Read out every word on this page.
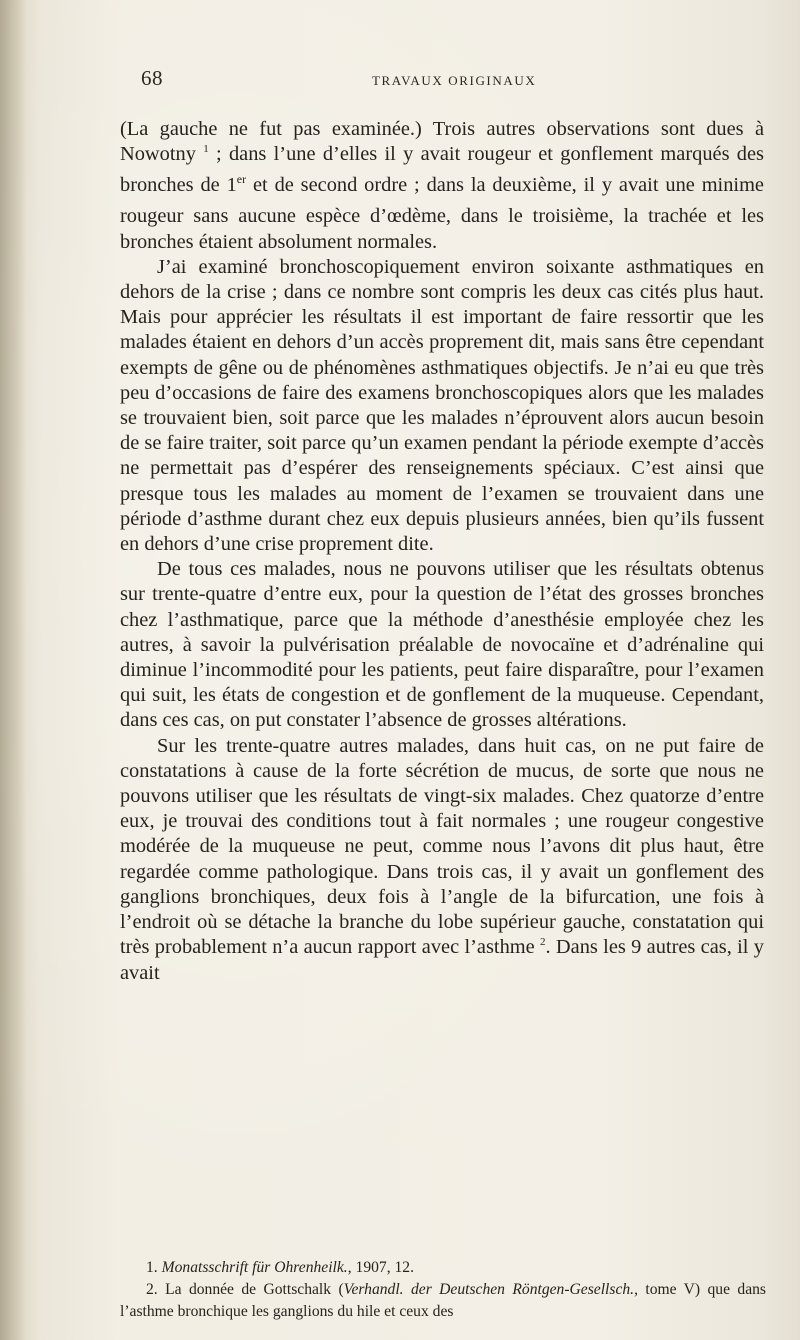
68	TRAVAUX ORIGINAUX

(La gauche ne fut pas examinée.) Trois autres observations sont dues à Nowotny $^1$ ; dans l’une d’elles il y avait rougeur et gonflement marqués des bronches de 1er et de second ordre ; dans la deuxième, il y avait une minime rougeur sans aucune espèce d’œdème, dans le troisième, la trachée et les bronches étaient absolument normales.

J’ai examiné bronchoscopiquement environ soixante asthmatiques en dehors de la crise ; dans ce nombre sont compris les deux cas cités plus haut. Mais pour apprécier les résultats il est important de faire ressortir que les malades étaient en dehors d’un accès proprement dit, mais sans être cependant exempts de gêne ou de phénomènes asthmatiques objectifs. Je n’ai eu que très peu d’occasions de faire des examens bronchoscopiques alors que les malades se trouvaient bien, soit parce que les malades n’éprouvent alors aucun besoin de se faire traiter, soit parce qu’un examen pendant la période exempte d’accès ne permettait pas d’espérer des renseignements spéciaux. C’est ainsi que presque tous les malades au moment de l’examen se trouvaient dans une période d’asthme durant chez eux depuis plusieurs années, bien qu’ils fussent en dehors d’une crise proprement dite.

De tous ces malades, nous ne pouvons utiliser que les résultats obtenus sur trente-quatre d’entre eux, pour la question de l’état des grosses bronches chez l’asthmatique, parce que la méthode d’anesthésie employée chez les autres, à savoir la pulvérisation préalable de novocaïne et d’adrénaline qui diminue l’incommodité pour les patients, peut faire disparaître, pour l’examen qui suit, les états de congestion et de gonflement de la muqueuse. Cependant, dans ces cas, on put constater l’absence de grosses altérations.

Sur les trente-quatre autres malades, dans huit cas, on ne put faire de constatations à cause de la forte sécrétion de mucus, de sorte que nous ne pouvons utiliser que les résultats de vingt-six malades. Chez quatorze d’entre eux, je trouvai des conditions tout à fait normales ; une rougeur congestive modérée de la muqueuse ne peut, comme nous l’avons dit plus haut, être regardée comme pathologique. Dans trois cas, il y avait un gonflement des ganglions bronchiques, deux fois à l’angle de la bifurcation, une fois à l’endroit où se détache la branche du lobe supérieur gauche, constatation qui très probablement n’a aucun rapport avec l’asthme $^2$. Dans les 9 autres cas, il y avait

1. Monatsschrift für Ohrenheilk., 1907, 12.

2. La donnée de Gottschalk (Verhandl. der Deutschen Röntgen-Gesellsch., tome V) que dans l’asthme bronchique les ganglions du hile et ceux des
